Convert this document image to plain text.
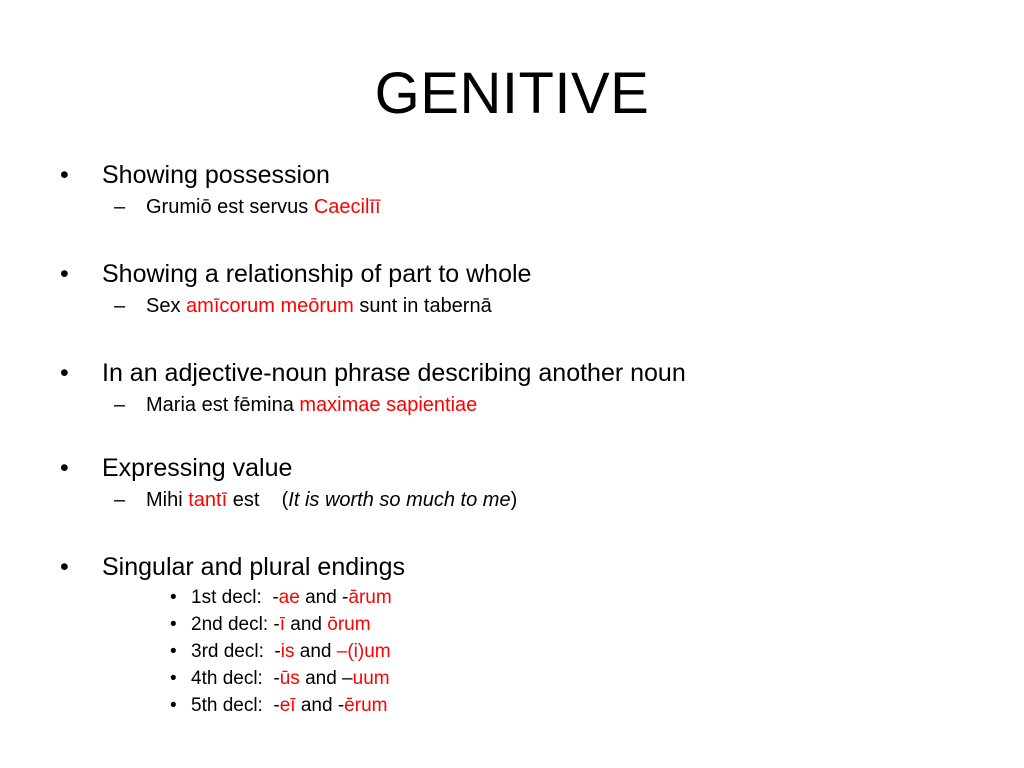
GENITIVE
• Showing possession
– Grumiō est servus Caecilīī
• Showing a relationship of part to whole
– Sex amīcorum meōrum sunt in tabernā
• In an adjective-noun phrase describing another noun
– Maria est fēmina maximae sapientiae
• Expressing value
– Mihi tantī est    (It is worth so much to me)
• Singular and plural endings
• 1st decl:  -ae and -ārum
• 2nd decl: -ī and ōrum
• 3rd decl:  -is and –(i)um
• 4th decl:  -ūs and –uum
• 5th decl:  -eī and -ērum
